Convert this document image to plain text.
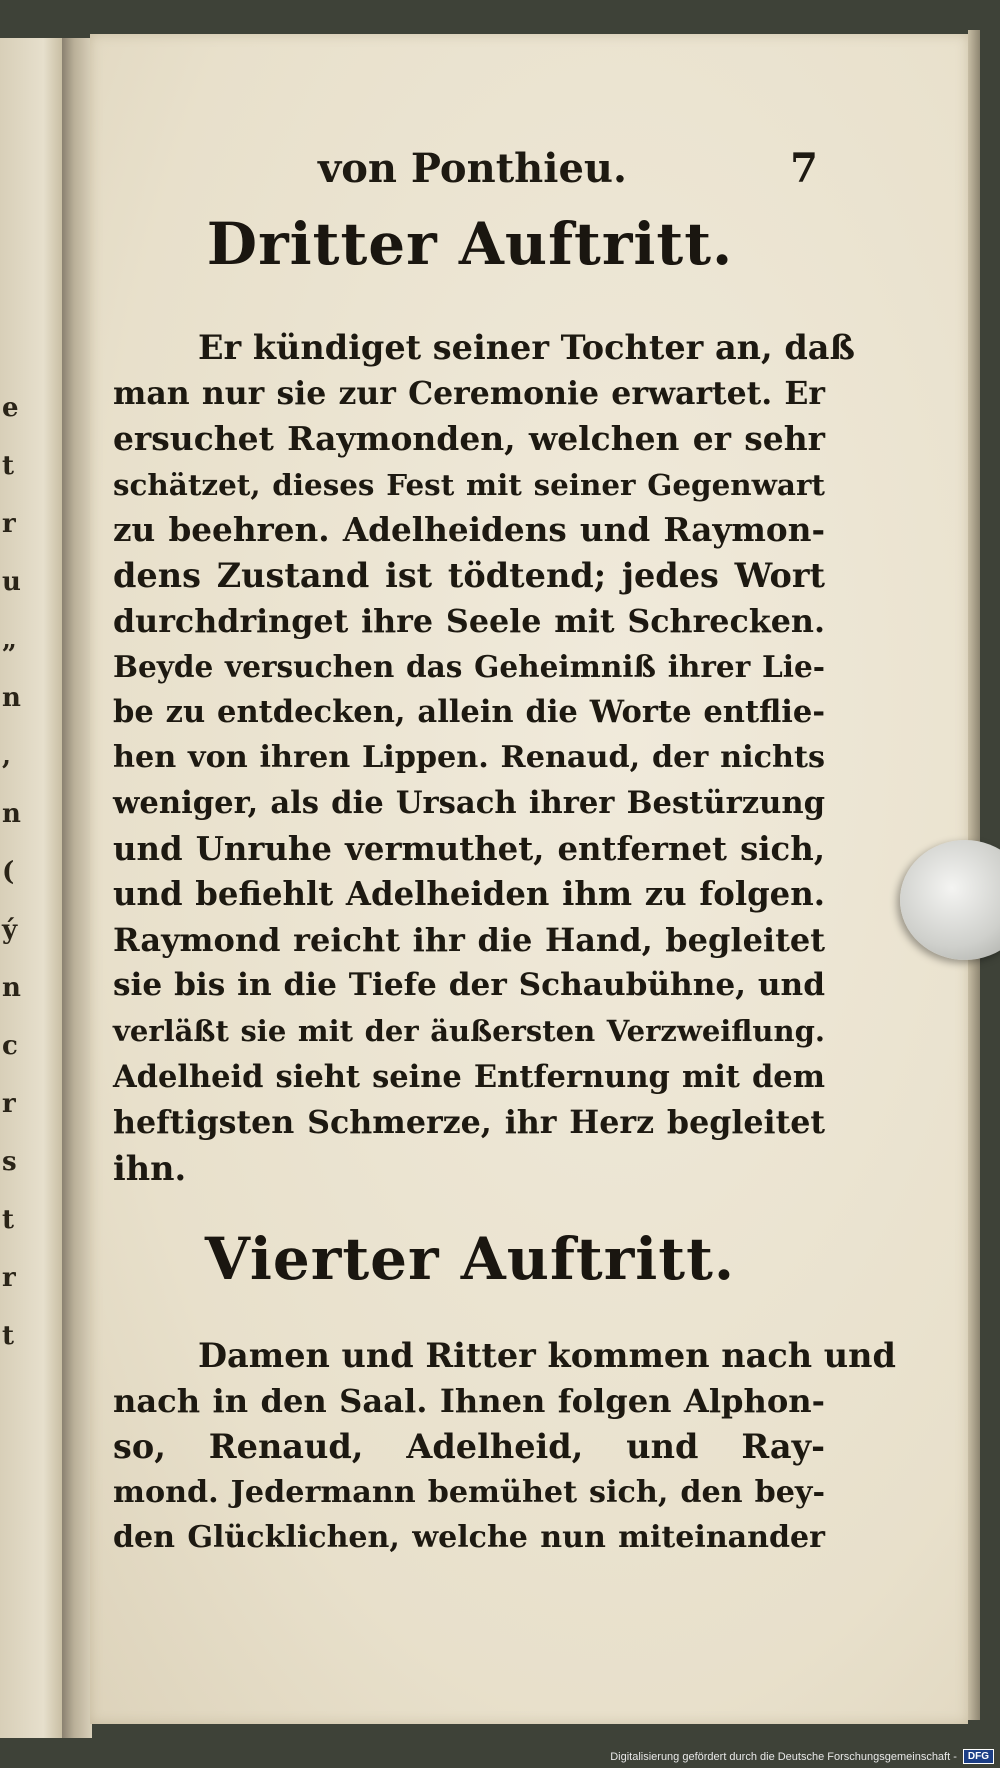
e
t
r
u
„
n
,
n
(
ý
n
c
r
s
t
r
t
von Ponthieu.	7
Dritter Auftritt.
Er kündiget seiner Tochter an, daß
man nur sie zur Ceremonie erwartet. Er
ersuchet Raymonden, welchen er sehr
schätzet, dieses Fest mit seiner Gegenwart
zu beehren. Adelheidens und Raymon-
dens Zustand ist tödtend; jedes Wort
durchdringet ihre Seele mit Schrecken.
Beyde versuchen das Geheimniß ihrer Lie-
be zu entdecken, allein die Worte entflie-
hen von ihren Lippen. Renaud, der nichts
weniger, als die Ursach ihrer Bestürzung
und Unruhe vermuthet, entfernet sich,
und befiehlt Adelheiden ihm zu folgen.
Raymond reicht ihr die Hand, begleitet
sie bis in die Tiefe der Schaubühne, und
verläßt sie mit der äußersten Verzweiflung.
Adelheid sieht seine Entfernung mit dem
heftigsten Schmerze, ihr Herz begleitet
ihn.
Vierter Auftritt.
Damen und Ritter kommen nach und
nach in den Saal. Ihnen folgen Alphon-
so, Renaud, Adelheid, und Ray-
mond. Jedermann bemühet sich, den bey-
den Glücklichen, welche nun miteinander
Digitalisierung gefördert durch die Deutsche Forschungsgemeinschaft -	DFG
